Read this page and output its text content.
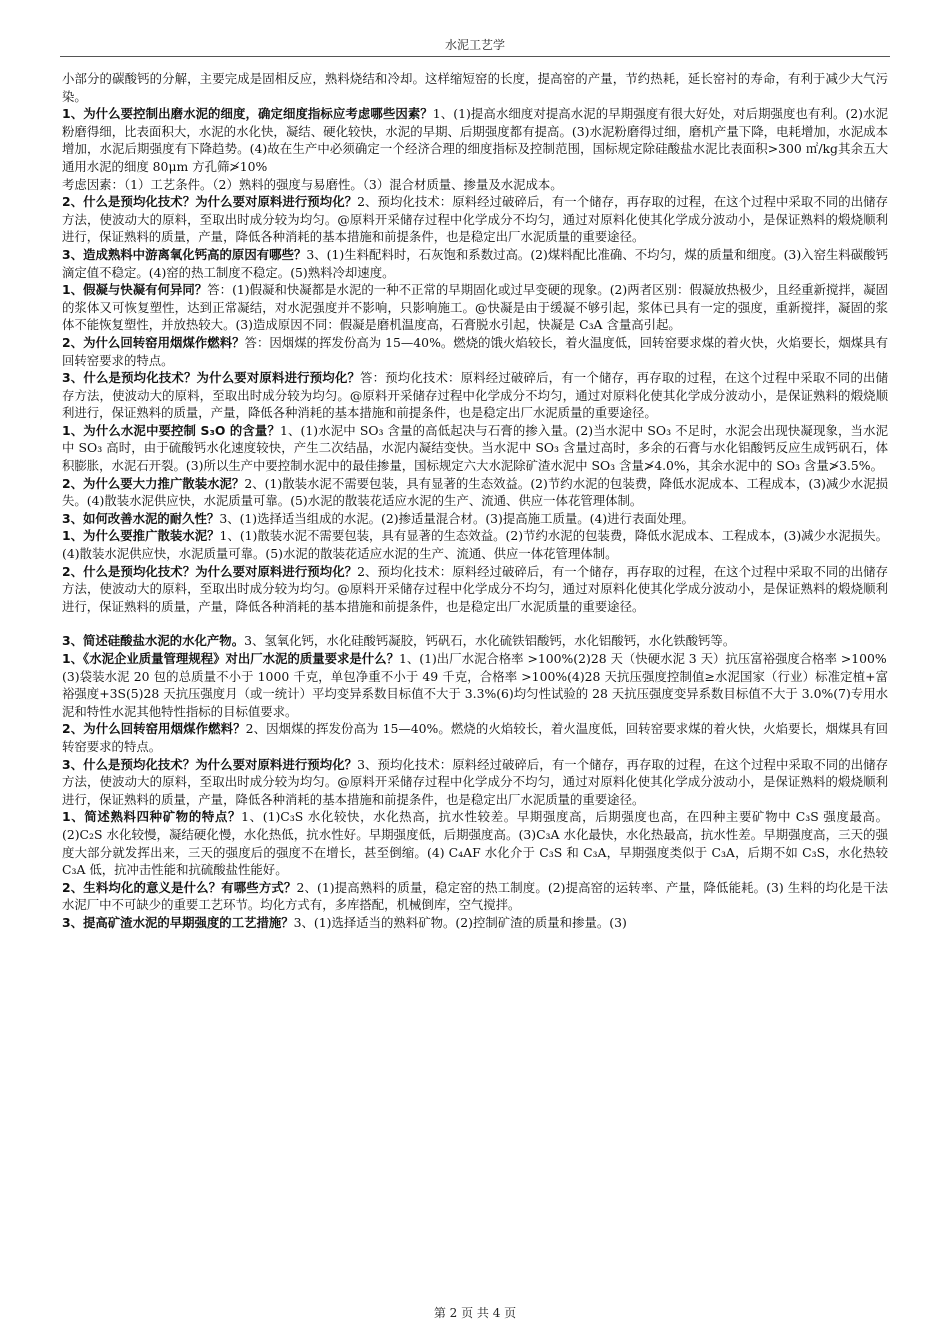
水泥工艺学

小部分的碳酸钙的分解，主要完成是固相反应，熟料烧结和冷却。这样缩短窑的长度，提高窑的产量，节约热耗，延长窑衬的寿命，有利于减少大气污染。

1、为什么要控制出磨水泥的细度，确定细度指标应考虑哪些因素？1、(1)提高水细度对提高水泥的早期强度有很大好处，对后期强度也有利。(2)水泥粉磨得细，比表面积大，水泥的水化快，凝结、硬化较快，水泥的早期、后期强度都有提高。(3)水泥粉磨得过细，磨机产量下降，电耗增加，水泥成本增加，水泥后期强度有下降趋势。(4)故在生产中必须确定一个经济合理的细度指标及控制范围，国标规定除硅酸盐水泥比表面积>300 ㎡/kg其余五大通用水泥的细度 80μm 方孔筛≯10%

考虑因素：（1）工艺条件。（2）熟料的强度与易磨性。（3）混合材质量、掺量及水泥成本。

2、什么是预均化技术？为什么要对原料进行预均化？2、预均化技术：原料经过破碎后，有一个储存，再存取的过程，在这个过程中采取不同的出储存方法，使波动大的原料，至取出时成分较为均匀。@原料开采储存过程中化学成分不均匀，通过对原料化使其化学成分波动小，是保证熟料的煅烧顺利进行，保证熟料的质量，产量，降低各种消耗的基本措施和前提条件，也是稳定出厂水泥质量的重要途径。

3、造成熟料中游离氧化钙高的原因有哪些？3、(1)生料配料时，石灰饱和系数过高。(2)煤料配比准确、不均匀，煤的质量和细度。(3)入窑生料碳酸钙滴定值不稳定。(4)窑的热工制度不稳定。(5)熟料冷却速度。

1、假凝与快凝有何异同？答：(1)假凝和快凝都是水泥的一种不正常的早期固化或过早变硬的现象。(2)两者区别：假凝放热极少，且经重新搅拌，凝固的浆体又可恢复塑性，达到正常凝结，对水泥强度并不影响，只影响施工。@快凝是由于缓凝不够引起，浆体已具有一定的强度，重新搅拌，凝固的浆体不能恢复塑性，并放热较大。(3)造成原因不同：假凝是磨机温度高，石膏脱水引起，快凝是 C₃A 含量高引起。

2、为什么回转窑用烟煤作燃料？答：因烟煤的挥发份高为 15—40%。燃烧的饿火焰较长，着火温度低，回转窑要求煤的着火快，火焰要长，烟煤具有回转窑要求的特点。

3、什么是预均化技术？为什么要对原料进行预均化？答：预均化技术：原料经过破碎后，有一个储存，再存取的过程，在这个过程中采取不同的出储存方法，使波动大的原料，至取出时成分较为均匀。@原料开采储存过程中化学成分不均匀，通过对原料化使其化学成分波动小，是保证熟料的煅烧顺利进行，保证熟料的质量，产量，降低各种消耗的基本措施和前提条件，也是稳定出厂水泥质量的重要途径。

1、为什么水泥中要控制 S₃O 的含量？1、(1)水泥中 SO₃ 含量的高低起决与石膏的掺入量。(2)当水泥中 SO₃ 不足时，水泥会出现快凝现象，当水泥中 SO₃ 高时，由于硫酸钙水化速度较快，产生二次结晶，水泥内凝结变快。当水泥中 SO₃ 含量过高时，多余的石膏与水化铝酸钙反应生成钙矾石，体积膨胀，水泥石开裂。(3)所以生产中要控制水泥中的最佳掺量，国标规定六大水泥除矿渣水泥中 SO₃ 含量≯4.0%，其余水泥中的 SO₃ 含量≯3.5%。

2、为什么要大力推广散装水泥？2、(1)散装水泥不需要包装，具有显著的生态效益。(2)节约水泥的包装费，降低水泥成本、工程成本，(3)减少水泥损失。(4)散装水泥供应快，水泥质量可靠。(5)水泥的散装花适应水泥的生产、流通、供应一体花管理体制。

3、如何改善水泥的耐久性？3、(1)选择适当组成的水泥。(2)掺适量混合材。(3)提高施工质量。(4)进行表面处理。

1、为什么要推广散装水泥？1、(1)散装水泥不需要包装，具有显著的生态效益。(2)节约水泥的包装费，降低水泥成本、工程成本，(3)减少水泥损失。(4)散装水泥供应快，水泥质量可靠。(5)水泥的散装花适应水泥的生产、流通、供应一体花管理体制。

2、什么是预均化技术？为什么要对原料进行预均化？2、预均化技术：原料经过破碎后，有一个储存，再存取的过程，在这个过程中采取不同的出储存方法，使波动大的原料，至取出时成分较为均匀。@原料开采储存过程中化学成分不均匀，通过对原料化使其化学成分波动小，是保证熟料的煅烧顺利进行，保证熟料的质量，产量，降低各种消耗的基本措施和前提条件，也是稳定出厂水泥质量的重要途径。

3、简述硅酸盐水泥的水化产物。3、氢氧化钙，水化硅酸钙凝胶，钙矾石，水化硫铁铝酸钙，水化铝酸钙，水化铁酸钙等。

1、《水泥企业质量管理规程》对出厂水泥的质量要求是什么？1、(1)出厂水泥合格率 >100%(2)28 天（快硬水泥 3 天）抗压富裕强度合格率 >100%

(3)袋装水泥 20 包的总质量不小于 1000 千克，单包净重不小于 49 千克，合格率 >100%(4)28 天抗压强度控制值≥水泥国家（行业）标准定植+富裕强度+3S(5)28 天抗压强度月（或一统计）平均变异系数目标值不大于 3.3%(6)均匀性试验的 28 天抗压强度变异系数目标值不大于 3.0%(7)专用水泥和特性水泥其他特性指标的目标值要求。

2、为什么回转窑用烟煤作燃料？2、因烟煤的挥发份高为 15—40%。燃烧的火焰较长，着火温度低，回转窑要求煤的着火快，火焰要长，烟煤具有回转窑要求的特点。

3、什么是预均化技术？为什么要对原料进行预均化？3、预均化技术：原料经过破碎后，有一个储存，再存取的过程，在这个过程中采取不同的出储存方法，使波动大的原料，至取出时成分较为均匀。@原料开采储存过程中化学成分不均匀，通过对原料化使其化学成分波动小，是保证熟料的煅烧顺利进行，保证熟料的质量，产量，降低各种消耗的基本措施和前提条件，也是稳定出厂水泥质量的重要途径。

1、简述熟料四种矿物的特点？1、(1)C₃S 水化较快，水化热高，抗水性较差。早期强度高，后期强度也高，在四种主要矿物中 C₃S 强度最高。(2)C₂S 水化较慢，凝结硬化慢，水化热低，抗水性好。早期强度低，后期强度高。(3)C₃A 水化最快，水化热最高，抗水性差。早期强度高，三天的强度大部分就发挥出来，三天的强度后的强度不在增长，甚至倒缩。(4) C₄AF 水化介于 C₃S 和 C₃A，早期强度类似于 C₃A，后期不如 C₃S，水化热较 C₃A 低，抗冲击性能和抗硫酸盐性能好。

2、生料均化的意义是什么？有哪些方式？2、(1)提高熟料的质量，稳定窑的热工制度。(2)提高窑的运转率、产量，降低能耗。(3) 生料的均化是干法水泥厂中不可缺少的重要工艺环节。均化方式有，多库搭配，机械倒库，空气搅拌。

3、提高矿渣水泥的早期强度的工艺措施？3、(1)选择适当的熟料矿物。(2)控制矿渣的质量和掺量。(3)

第 2 页 共 4 页
